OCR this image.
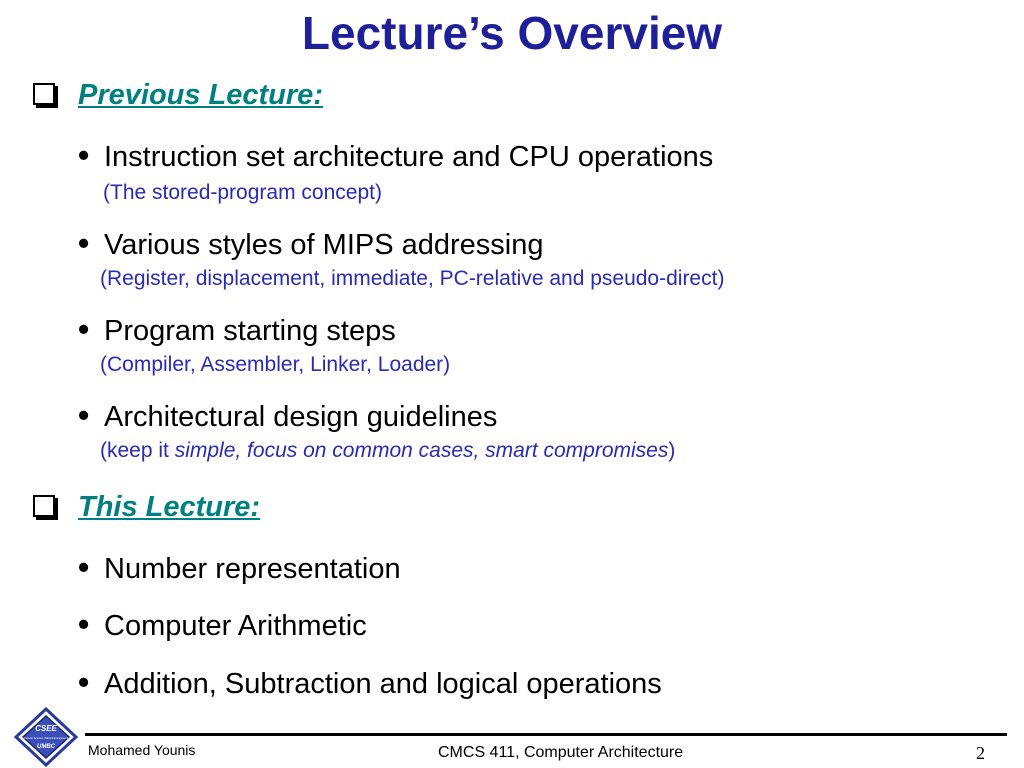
Lecture’s Overview
Previous Lecture:
• Instruction set architecture and CPU operations
(The stored-program concept)
• Various styles of MIPS addressing
(Register, displacement, immediate, PC-relative and pseudo-direct)
• Program starting steps
(Compiler, Assembler, Linker, Loader)
• Architectural design guidelines
(keep it simple, focus on common cases, smart compromises)
This Lecture:
• Number representation
• Computer Arithmetic
• Addition, Subtraction and logical operations
CSEE
Computer Science / Electrical Engineering
UMBC Mohamed Younis	CMCS 411, Computer Architecture	2
